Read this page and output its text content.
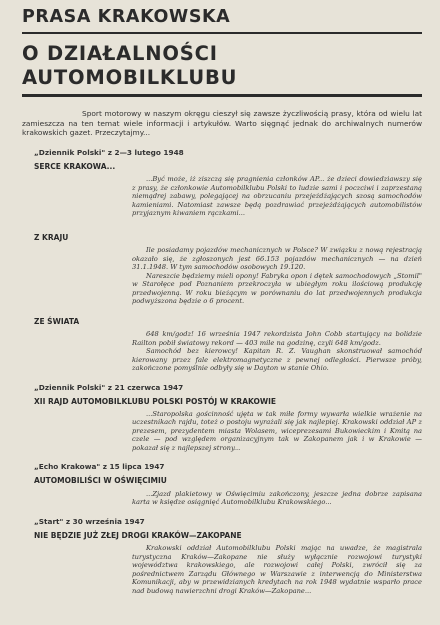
PRASA KRAKOWSKA
O DZIAŁALNOŚCI AUTOMOBILKLUBU

Sport motorowy w naszym okręgu cieszył się zawsze życzliwością prasy, która od wielu lat zamieszcza na ten temat wiele informacji i artykułów. Warto sięgnąć jednak do archiwalnych numerów krakowskich gazet. Przeczytajmy...

„Dziennik Polski" z 2—3 lutego 1948
SERCE KRAKOWA...

...Być może, iż ziszczą się pragnienia członków AP... że dzieci dowiedziawszy się z prasy, że członkowie Automobilklubu Polski to ludzie sami i poczciwi i zaprzestaną niemądrej zabawy, polegającej na obrzucaniu przejeżdżających szosą samochodów kamieniami. Natomiast zawsze będą pozdrawiać przejeżdżających automobilistów przyjaznym kiwaniem rączkami...

Z KRAJU

Ile posiadamy pojazdów mechanicznych w Polsce? W związku z nową rejestracją okazało się, że zgłoszonych jest 66.153 pojazdów mechanicznych — na dzień 31.1.1948. W tym samochodów osobowych 19.120.

Nareszcie będziemy mieli opony! Fabryka opon i dętek samochodowych „Stomil" w Starołęce pod Poznaniem przekroczyła w ubiegłym roku ilościową produkcję przedwojenną. W roku bieżącym w porównaniu do lat przedwojennych produkcja podwyższona będzie o 6 procent.

ZE ŚWIATA

648 km/godz! 16 września 1947 rekordzista John Cobb startujący na bolidzie Railton pobił światowy rekord — 403 mile na godzinę, czyli 648 km/godz.

Samochód bez kierowcy! Kapitan R. Z. Vaughan skonstruował samochód kierowany przez fale elektromagnetyczne z pewnej odległości. Pierwsze próby, zakończone pomyślnie odbyły się w Dayton w stanie Ohio.

„Dziennik Polski" z 21 czerwca 1947
XII RAJD AUTOMOBILKLUBU POLSKI POSTÓJ W KRAKOWIE

...Staropolska gościnność ujęta w tak miłe formy wywarła wielkie wrażenie na uczestnikach rajdu, toteż o postoju wyrażali się jak najlepiej. Krakowski oddział AP z prezesem, prezydentem miasta Wolasem, wiceprezesami Bukowieckim i Kmitą na czele — pod względem organizacyjnym tak w Zakopanem jak i w Krakowie — pokazał się z najlepszej strony...

„Echo Krakowa" z 15 lipca 1947
AUTOMOBILIŚCI W OŚWIĘCIMIU

...Zjazd plakietowy w Oświęcimiu zakończony, jeszcze jedna dobrze zapisana karta w księdze osiągnięć Automobilklubu Krakowskiego...

„Start" z 30 września 1947
NIE BĘDZIE JUŻ ZŁEJ DROGI KRAKÓW—ZAKOPANE

Krakowski oddział Automobilklubu Polski mając na uwadze, że magistrala turystyczna Kraków—Zakopane nie służy wyłącznie rozwojowi turystyki województwa krakowskiego, ale rozwojowi całej Polski, zwrócił się za pośrednictwem Zarządu Głównego w Warszawie z interwencją do Ministerstwa Komunikacji, aby w przewidzianych kredytach na rok 1948 wydatnie wsparło prace nad budową nawierzchni drogi Kraków—Zakopane...
